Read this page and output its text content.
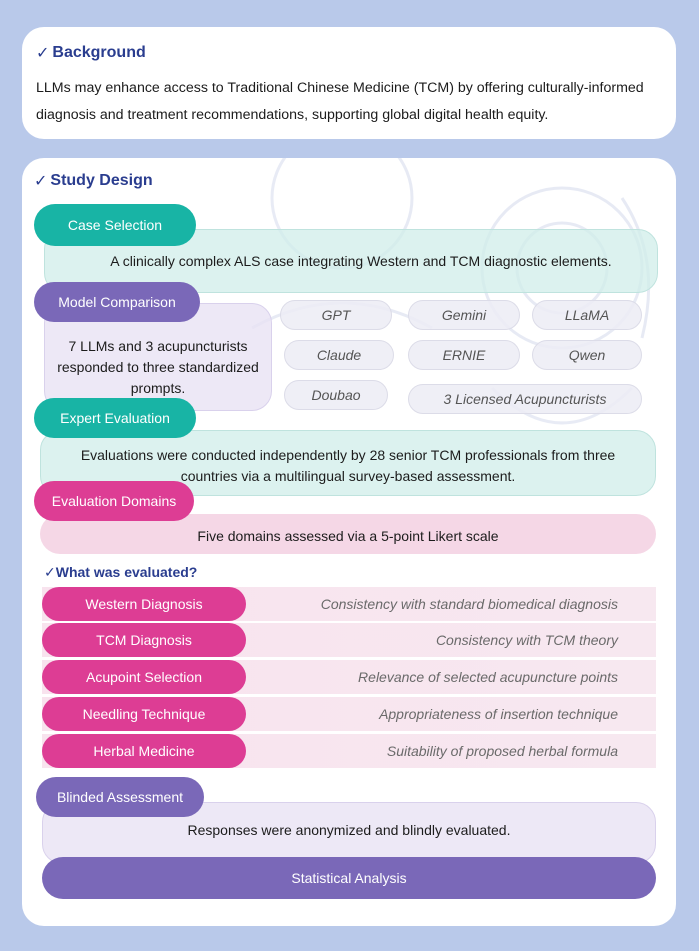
✓ Background
LLMs may enhance access to Traditional Chinese Medicine (TCM) by offering culturally-informed diagnosis and treatment recommendations, supporting global digital health equity.
✓ Study Design
A clinically complex ALS case integrating Western and TCM diagnostic elements.
Case Selection
7 LLMs and 3 acupuncturists responded to three standardized prompts.
Model Comparison
GPT	Gemini	LLaMA
Claude	ERNIE	Qwen
Doubao	3 Licensed Acupuncturists
Evaluations were conducted independently by 28 senior TCM professionals from three countries via a multilingual survey-based assessment.
Expert Evaluation
Five domains assessed via a 5-point Likert scale
Evaluation Domains
✓What was evaluated?
Western Diagnosis	Consistency with standard biomedical diagnosis
TCM Diagnosis	Consistency with TCM theory
Acupoint Selection	Relevance of selected acupuncture points
Needling Technique	Appropriateness of insertion technique
Herbal Medicine	Suitability of proposed herbal formula
Responses were anonymized and blindly evaluated.
Blinded Assessment
Statistical Analysis
